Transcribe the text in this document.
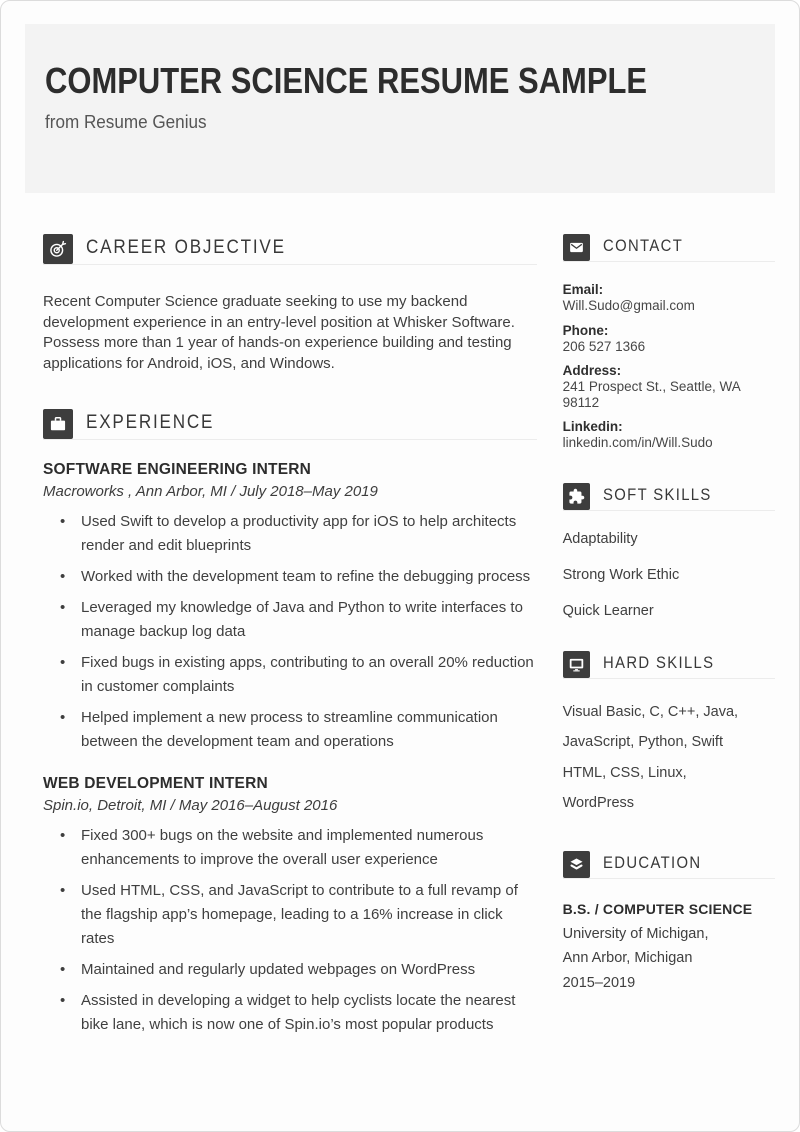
COMPUTER SCIENCE RESUME SAMPLE
from Resume Genius
CAREER OBJECTIVE

Recent Computer Science graduate seeking to use my backend development experience in an entry-level position at Whisker Software. Possess more than 1 year of hands-on experience building and testing applications for Android, iOS, and Windows.

EXPERIENCE
SOFTWARE ENGINEERING INTERN
Macroworks , Ann Arbor, MI / July 2018–May 2019
• Used Swift to develop a productivity app for iOS to help architects render and edit blueprints
• Worked with the development team to refine the debugging process
• Leveraged my knowledge of Java and Python to write interfaces to manage backup log data
• Fixed bugs in existing apps, contributing to an overall 20% reduction in customer complaints
• Helped implement a new process to streamline communication between the development team and operations
WEB DEVELOPMENT INTERN
Spin.io, Detroit, MI / May 2016–August 2016
• Fixed 300+ bugs on the website and implemented numerous enhancements to improve the overall user experience
• Used HTML, CSS, and JavaScript to contribute to a full revamp of the flagship app’s homepage, leading to a 16% increase in click rates
• Maintained and regularly updated webpages on WordPress
• Assisted in developing a widget to help cyclists locate the nearest bike lane, which is now one of Spin.io’s most popular products
CONTACT
Email:
Will.Sudo@gmail.com
Phone:
206 527 1366
Address:
241 Prospect St., Seattle, WA 98112
Linkedin:
linkedin.com/in/Will.Sudo
SOFT SKILLS
Adaptability
Strong Work Ethic
Quick Learner
HARD SKILLS
Visual Basic, C, C++, Java,
JavaScript, Python, Swift
HTML, CSS, Linux,
WordPress
EDUCATION
B.S. / COMPUTER SCIENCE
University of Michigan,
Ann Arbor, Michigan
2015–2019
